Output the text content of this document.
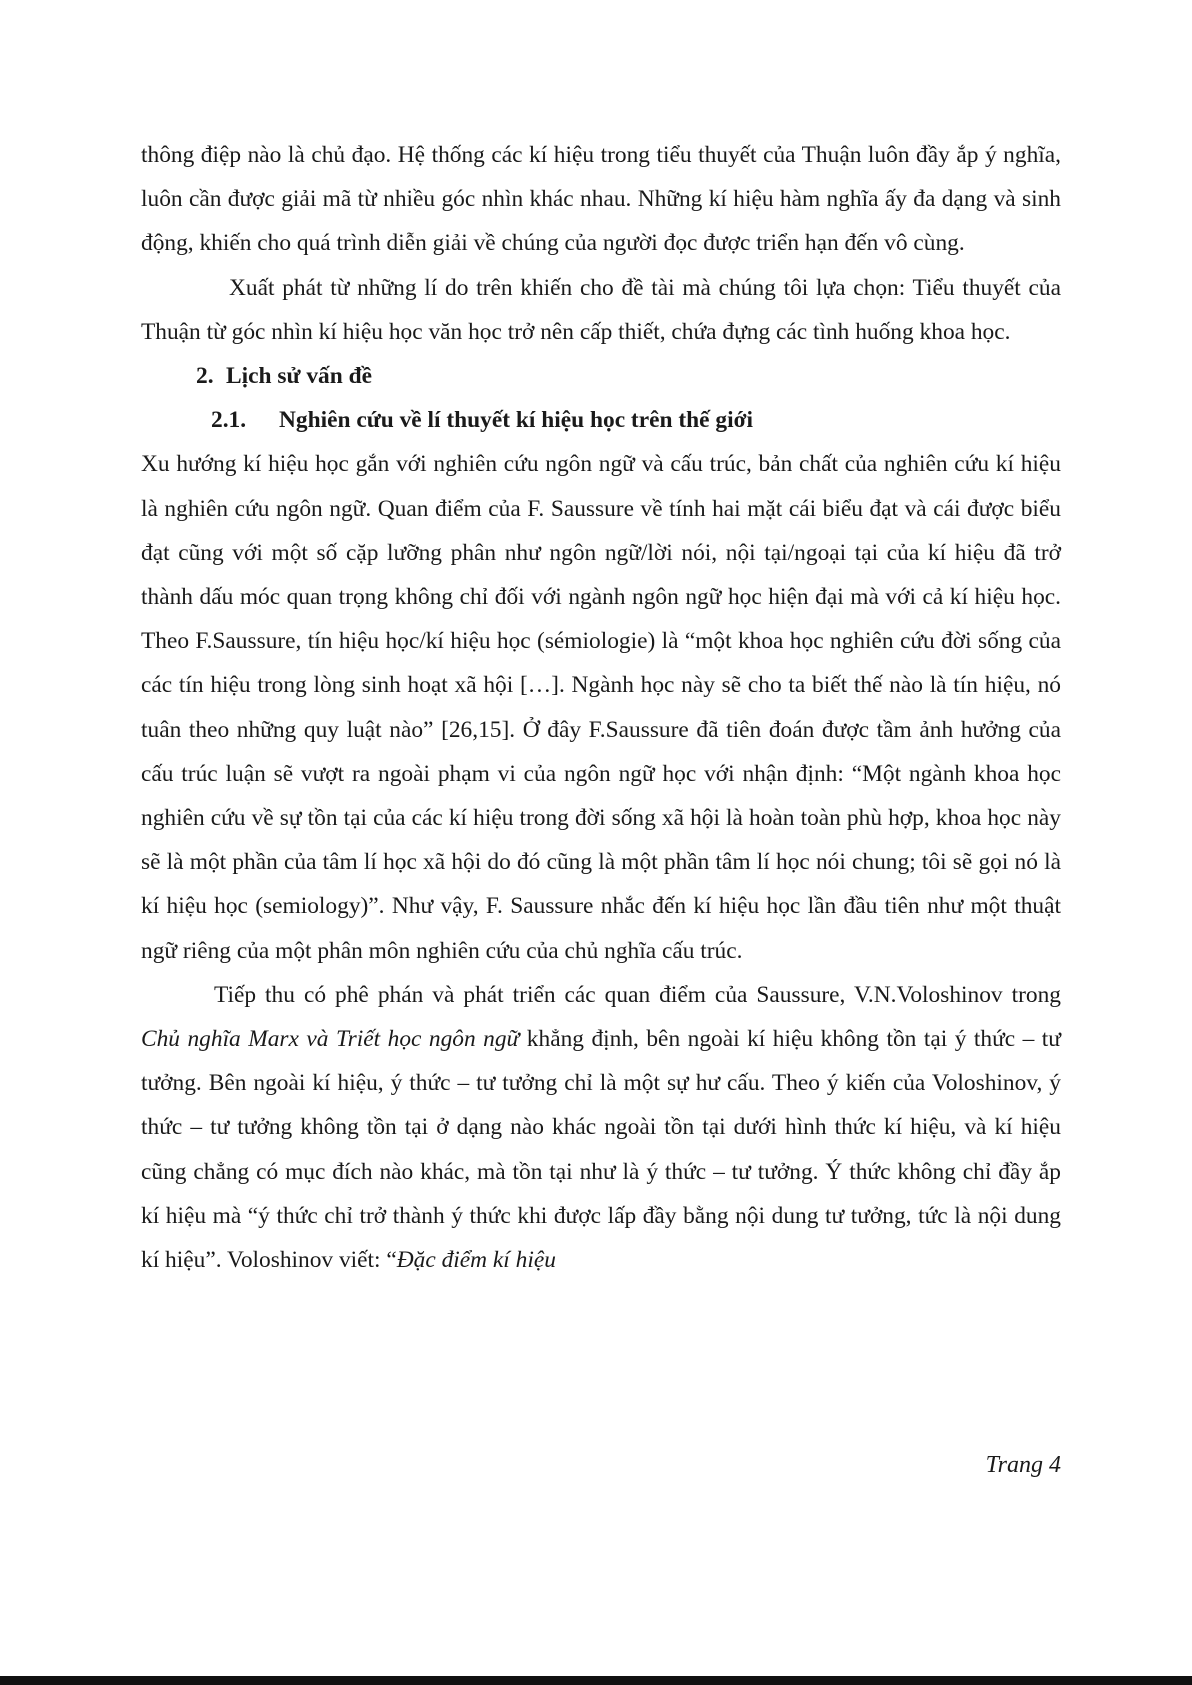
thông điệp nào là chủ đạo. Hệ thống các kí hiệu trong tiểu thuyết của Thuận luôn đầy ắp ý nghĩa, luôn cần được giải mã từ nhiều góc nhìn khác nhau. Những kí hiệu hàm nghĩa ấy đa dạng và sinh động, khiến cho quá trình diễn giải về chúng của người đọc được triển hạn đến vô cùng.

Xuất phát từ những lí do trên khiến cho đề tài mà chúng tôi lựa chọn: Tiểu thuyết của Thuận từ góc nhìn kí hiệu học văn học trở nên cấp thiết, chứa đựng các tình huống khoa học.

2. Lịch sử vấn đề

2.1. Nghiên cứu về lí thuyết kí hiệu học trên thế giới

Xu hướng kí hiệu học gắn với nghiên cứu ngôn ngữ và cấu trúc, bản chất của nghiên cứu kí hiệu là nghiên cứu ngôn ngữ. Quan điểm của F. Saussure về tính hai mặt cái biểu đạt và cái được biểu đạt cũng với một số cặp lưỡng phân như ngôn ngữ/lời nói, nội tại/ngoại tại của kí hiệu đã trở thành dấu móc quan trọng không chỉ đối với ngành ngôn ngữ học hiện đại mà với cả kí hiệu học. Theo F.Saussure, tín hiệu học/kí hiệu học (sémiologie) là “một khoa học nghiên cứu đời sống của các tín hiệu trong lòng sinh hoạt xã hội […]. Ngành học này sẽ cho ta biết thế nào là tín hiệu, nó tuân theo những quy luật nào” [26,15]. Ở đây F.Saussure đã tiên đoán được tầm ảnh hưởng của cấu trúc luận sẽ vượt ra ngoài phạm vi của ngôn ngữ học với nhận định: “Một ngành khoa học nghiên cứu về sự tồn tại của các kí hiệu trong đời sống xã hội là hoàn toàn phù hợp, khoa học này sẽ là một phần của tâm lí học xã hội do đó cũng là một phần tâm lí học nói chung; tôi sẽ gọi nó là kí hiệu học (semiology)”. Như vậy, F. Saussure nhắc đến kí hiệu học lần đầu tiên như một thuật ngữ riêng của một phân môn nghiên cứu của chủ nghĩa cấu trúc.

Tiếp thu có phê phán và phát triển các quan điểm của Saussure, V.N.Voloshinov trong Chủ nghĩa Marx và Triết học ngôn ngữ khẳng định, bên ngoài kí hiệu không tồn tại ý thức – tư tưởng. Bên ngoài kí hiệu, ý thức – tư tưởng chỉ là một sự hư cấu. Theo ý kiến của Voloshinov, ý thức – tư tưởng không tồn tại ở dạng nào khác ngoài tồn tại dưới hình thức kí hiệu, và kí hiệu cũng chẳng có mục đích nào khác, mà tồn tại như là ý thức – tư tưởng. Ý thức không chỉ đầy ắp kí hiệu mà “ý thức chỉ trở thành ý thức khi được lấp đầy bằng nội dung tư tưởng, tức là nội dung kí hiệu”. Voloshinov viết: “Đặc điểm kí hiệu

Trang 4
